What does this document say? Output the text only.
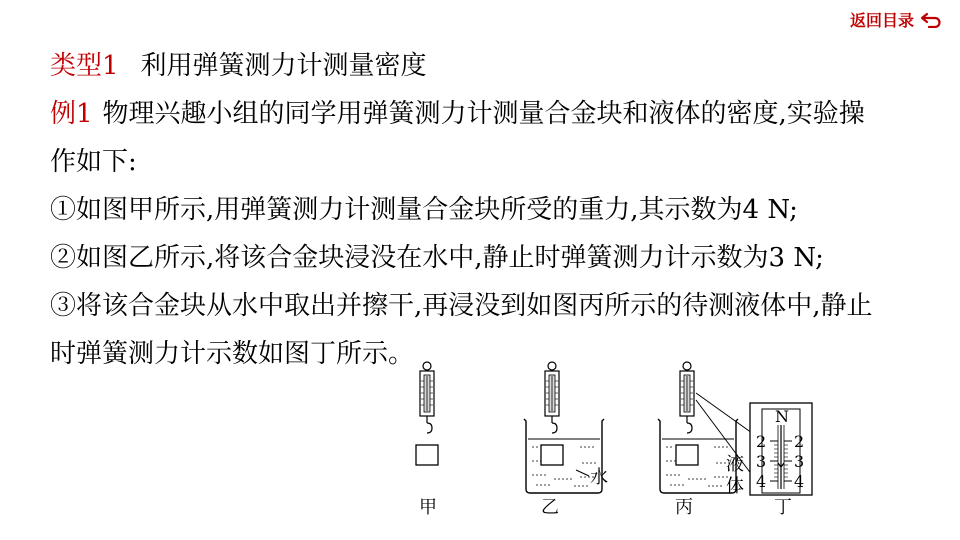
返回目录
类型1 利用弹簧测力计测量密度
例1 物理兴趣小组的同学用弹簧测力计测量合金块和液体的密度,实验操
作如下:
①如图甲所示,用弹簧测力计测量合金块所受的重力,其示数为4 N;
②如图乙所示,将该合金块浸没在水中,静止时弹簧测力计示数为3 N;
③将该合金块从水中取出并擦干,再浸没到如图丙所示的待测液体中,静止
时弹簧测力计示数如图丁所示。
甲
水
乙
液
体
丙
N
2
3
4
2
3
4
丁
